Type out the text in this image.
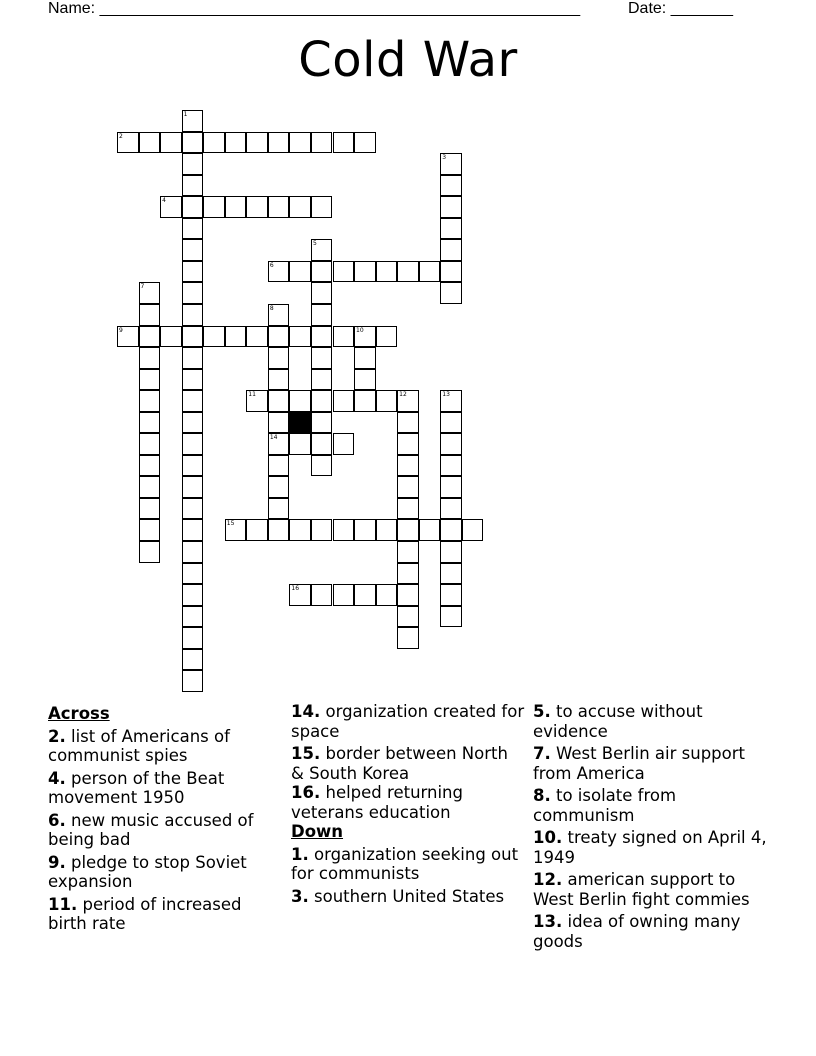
Name: ______________________________________________________	Date: _______
Cold War
1
2
3
4
5
6
7
8
14
9	10
11	12	13
15
16
Across
2. list of Americans of communist spies
4. person of the Beat movement 1950
6. new music accused of being bad
9. pledge to stop Soviet expansion
11. period of increased birth rate
14. organization created for space
15. border between North & South Korea
16. helped returning veterans education
Down
1. organization seeking out for communists
3. southern United States
5. to accuse without evidence
7. West Berlin air support from America
8. to isolate from communism
10. treaty signed on April 4, 1949
12. american support to West Berlin fight commies
13. idea of owning many goods
